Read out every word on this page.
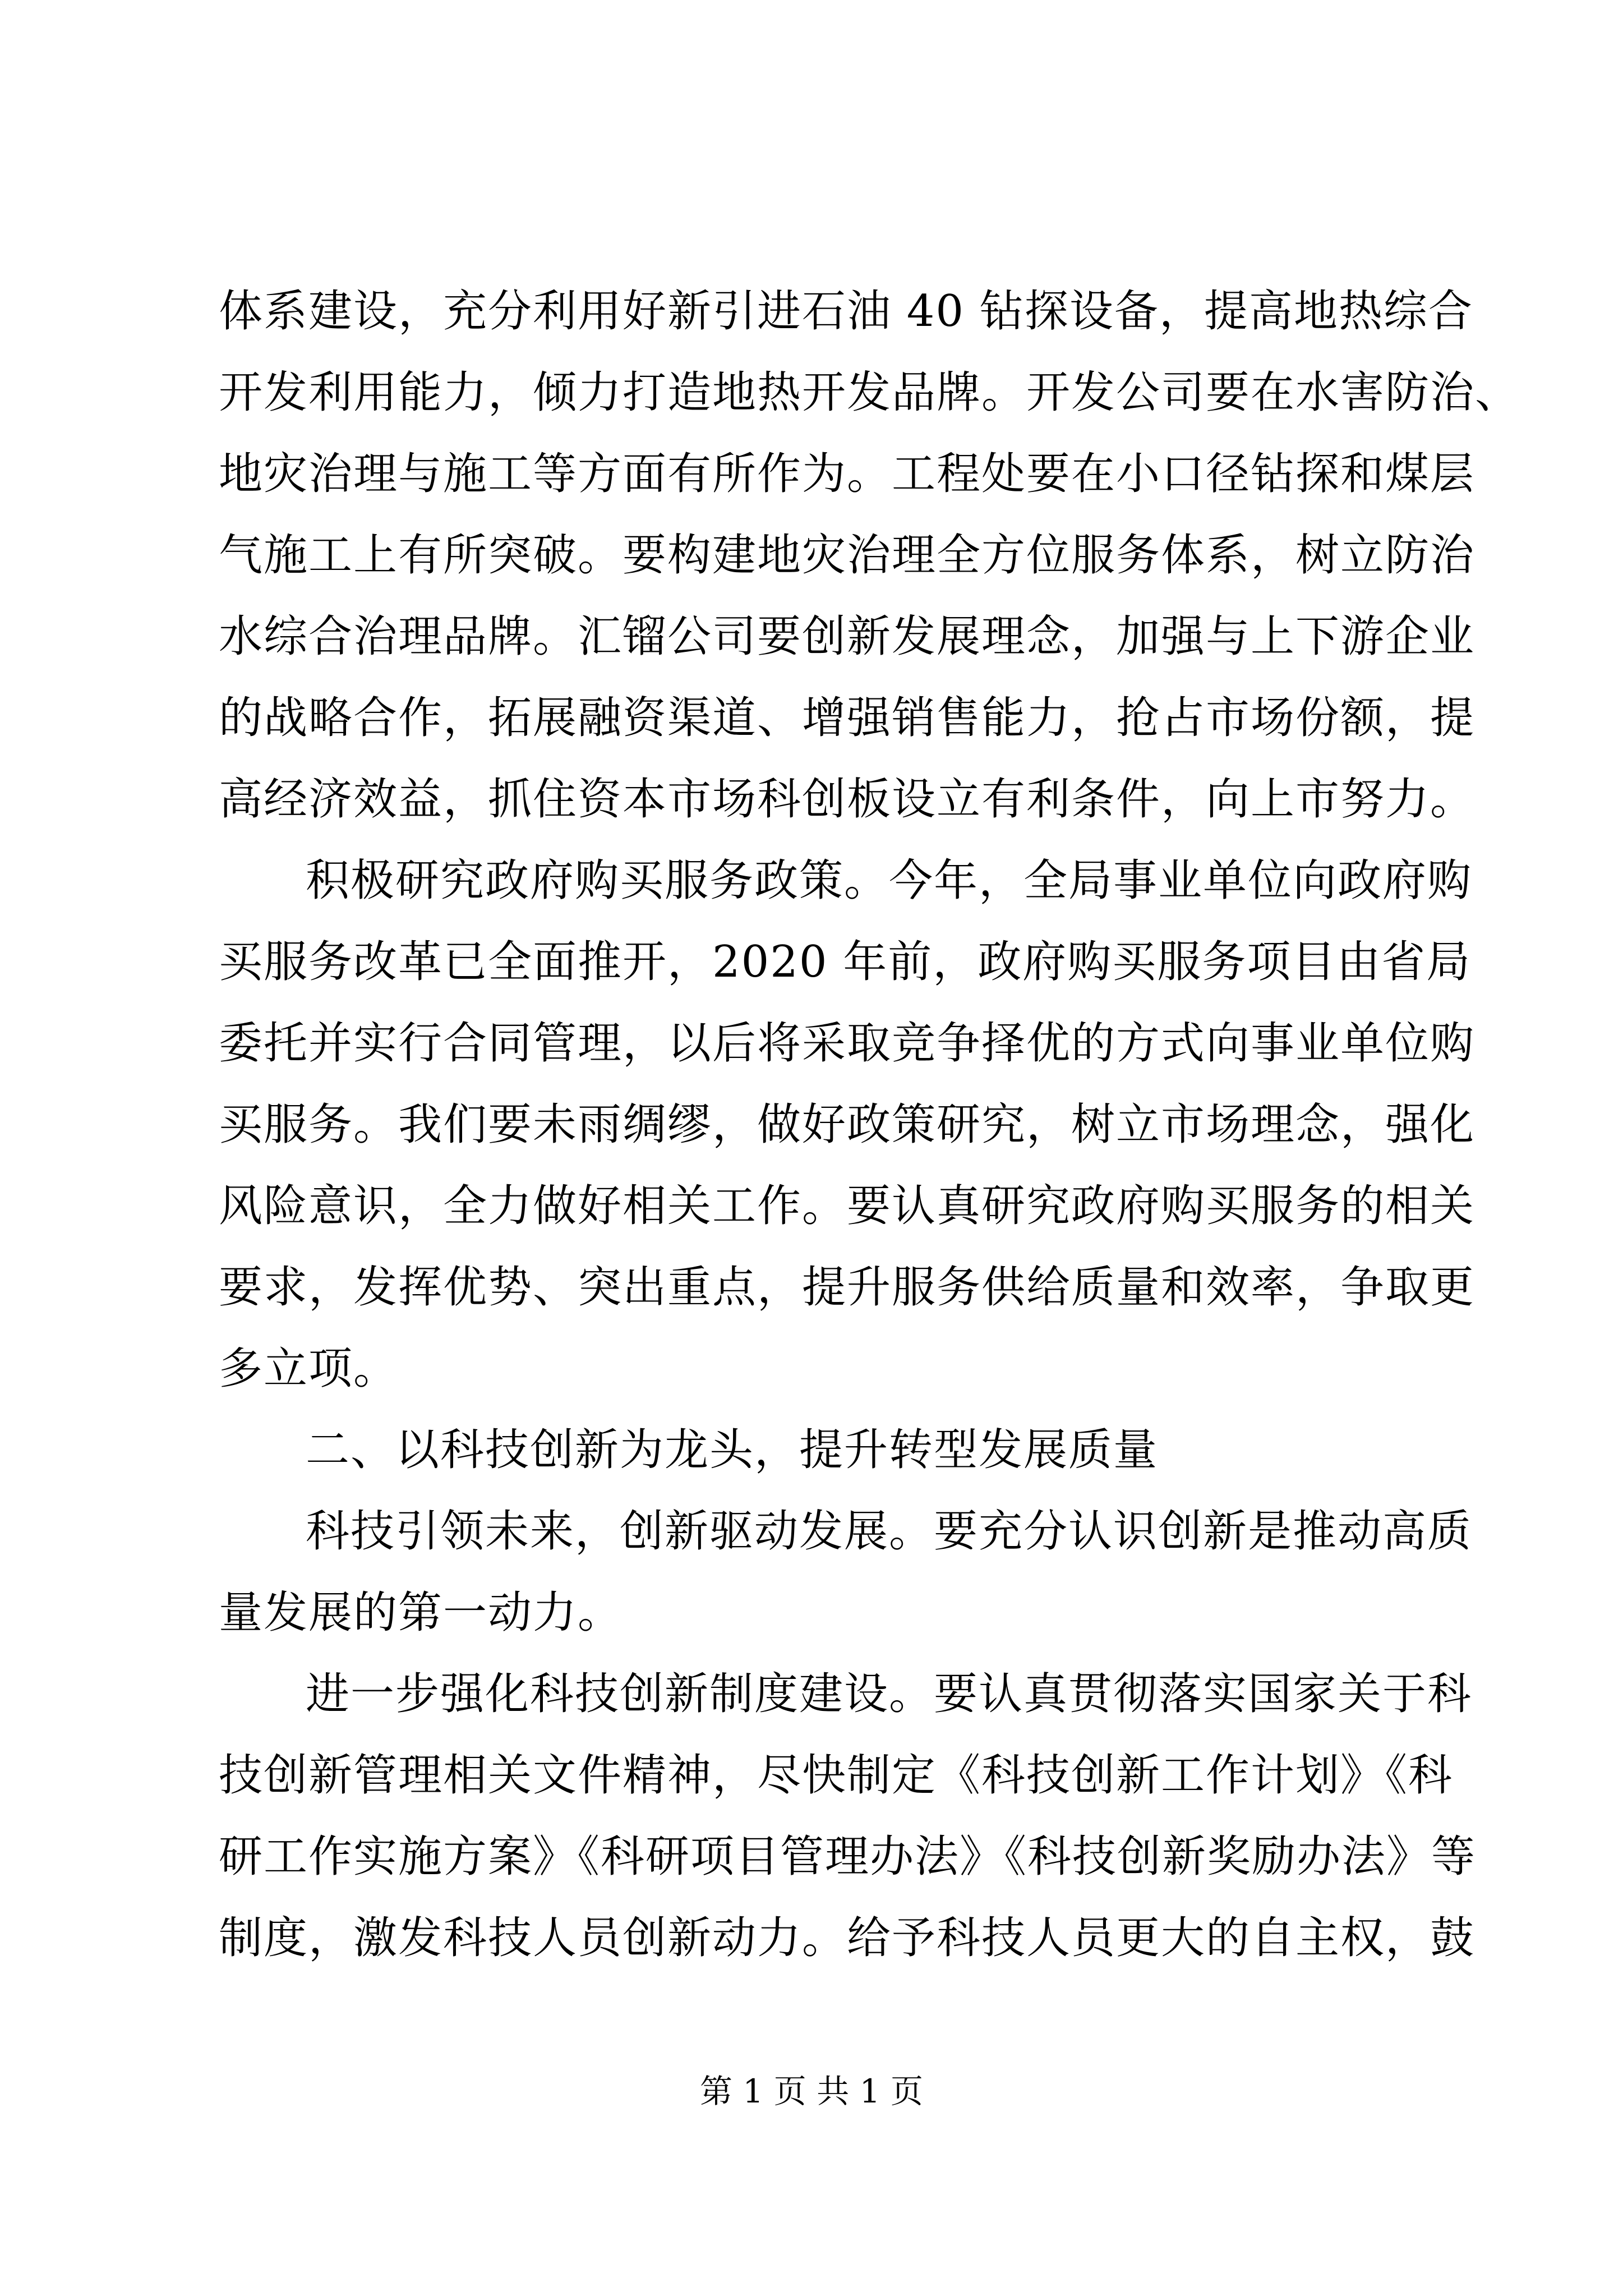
体系建设，充分利用好新引进石油 40 钻探设备，提高地热综合
开发利用能力，倾力打造地热开发品牌。开发公司要在水害防治、
地灾治理与施工等方面有所作为。工程处要在小口径钻探和煤层
气施工上有所突破。要构建地灾治理全方位服务体系，树立防治
水综合治理品牌。汇镏公司要创新发展理念，加强与上下游企业
的战略合作，拓展融资渠道、增强销售能力，抢占市场份额，提
高经济效益，抓住资本市场科创板设立有利条件，向上市努力。
积极研究政府购买服务政策。今年，全局事业单位向政府购
买服务改革已全面推开，2020 年前，政府购买服务项目由省局
委托并实行合同管理，以后将采取竞争择优的方式向事业单位购
买服务。我们要未雨绸缪，做好政策研究，树立市场理念，强化
风险意识，全力做好相关工作。要认真研究政府购买服务的相关
要求，发挥优势、突出重点，提升服务供给质量和效率，争取更
多立项。
二、以科技创新为龙头，提升转型发展质量
科技引领未来，创新驱动发展。要充分认识创新是推动高质
量发展的第一动力。
进一步强化科技创新制度建设。要认真贯彻落实国家关于科
技创新管理相关文件精神，尽快制定《科技创新工作计划》《科
研工作实施方案》《科研项目管理办法》《科技创新奖励办法》等
制度，激发科技人员创新动力。给予科技人员更大的自主权，鼓
第 1 页 共 1 页
